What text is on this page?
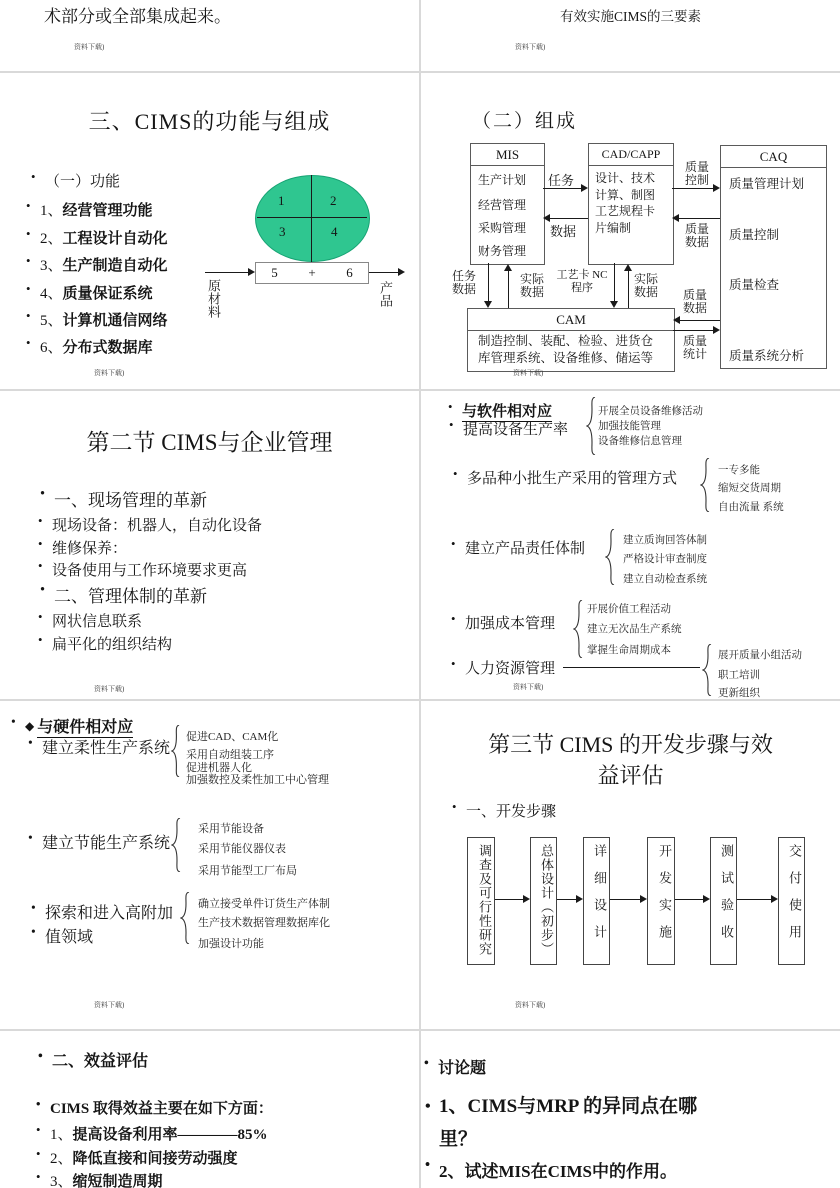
术部分或全部集成起来。
资料下载)
有效实施CIMS的三要素
资料下载)
三、CIMS的功能与组成
• （一）功能
• 1、经营管理功能
• 2、工程设计自动化
• 3、生产制造自动化
• 4、质量保证系统
• 5、计算机通信网络
• 6、分布式数据库
1	2
3	4
5 + 6
原材料	产品
资料下载)
（二）组成
MIS
生产计划
经营管理
采购管理
财务管理
CAD/CAPP
设计、技术计算、制图工艺规程卡片编制
CAQ
质量管理计划
质量控制
质量检查
质量系统分析
CAM
制造控制、装配、检验、进货仓库管理系统、设备维修、储运等
任务
数据
质量控制
质量数据
任务数据
实际数据
工艺卡 NC程序
实际数据	质量数据
质量统计
资料下载)
第二节 CIMS与企业管理
• 一、现场管理的革新
• 现场设备：机器人，自动化设备
• 维修保养：
• 设备使用与工作环境要求更高
• 二、管理体制的革新
• 网状信息联系
• 扁平化的组织结构
资料下载)
• 与软件相对应
• 提高设备生产率
开展全员设备维修活动
加强技能管理
设备维修信息管理
• 多品种小批生产采用的管理方式
一专多能
缩短交货周期
自由流量 系统
• 建立产品责任体制
建立质询回答体制
严格设计审查制度
建立自动检查系统
• 加强成本管理
开展价值工程活动
建立无次品生产系统
掌握生命周期成本
• 人力资源管理
展开质量小组活动
职工培训
更新组织
资料下载)
• ◆ 与硬件相对应
• 建立柔性生产系统
促进CAD、CAM化
采用自动组装工序
促进机器人化
加强数控及柔性加工中心管理
• 建立节能生产系统
采用节能设备
采用节能仪器仪表
采用节能型工厂布局
• 探索和进入高附加
• 值领域
确立接受单件订货生产体制
生产技术数据管理数据库化
加强设计功能
资料下载)
第三节 CIMS 的开发步骤与效
益评估
• 一、开发步骤
调查及可行性研究	总体设计（初步）	详细设计	开发实施	测试验收	交付使用
资料下载)
• 二、效益评估
• CIMS 取得效益主要在如下方面：
• 1、提高设备利用率————85%
• 2、降低直接和间接劳动强度
• 3、缩短制造周期
• 讨论题
• 1、CIMS与MRP 的异同点在哪里？
• 2、试述MIS在CIMS中的作用。
